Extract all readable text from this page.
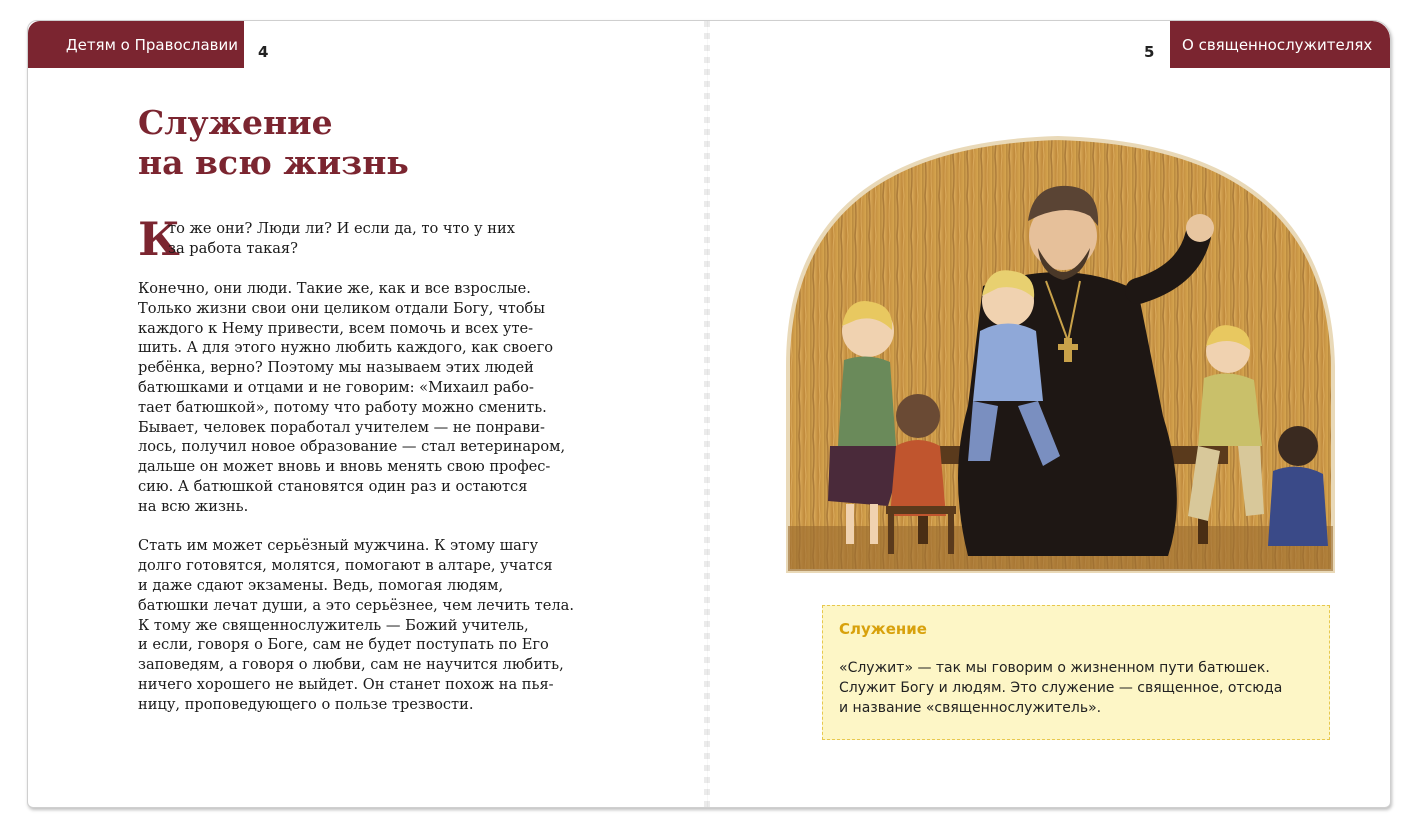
Детям о Православии 4
Служение
на всю жизнь
К
то же они? Люди ли? И если да, то что у них
за работа такая?

Конечно, они люди. Такие же, как и все взрослые.
Только жизни свои они целиком отдали Богу, чтобы
каждого к Нему привести, всем помочь и всех уте-
шить. А для этого нужно любить каждого, как своего
ребёнка, верно? Поэтому мы называем этих людей
батюшками и отцами и не говорим: «Михаил рабо-
тает батюшкой», потому что работу можно сменить.
Бывает, человек поработал учителем — не понрави-
лось, получил новое образование — стал ветеринаром,
дальше он может вновь и вновь менять свою профес-
сию. А батюшкой становятся один раз и остаются
на всю жизнь.

Стать им может серьёзный мужчина. К этому шагу
долго готовятся, молятся, помогают в алтаре, учатся
и даже сдают экзамены. Ведь, помогая людям,
батюшки лечат души, а это серьёзнее, чем лечить тела.
К тому же священнослужитель — Божий учитель,
и если, говоря о Боге, сам не будет поступать по Его
заповедям, а говоря о любви, сам не научится любить,
ничего хорошего не выйдет. Он станет похож на пья-
ницу, проповедующего о пользе трезвости.

5 О священнослужителях
Служение
«Служит» — так мы говорим о жизненном пути батюшек.
Служит Богу и людям. Это служение — священное, отсюда
и название «священнослужитель».
